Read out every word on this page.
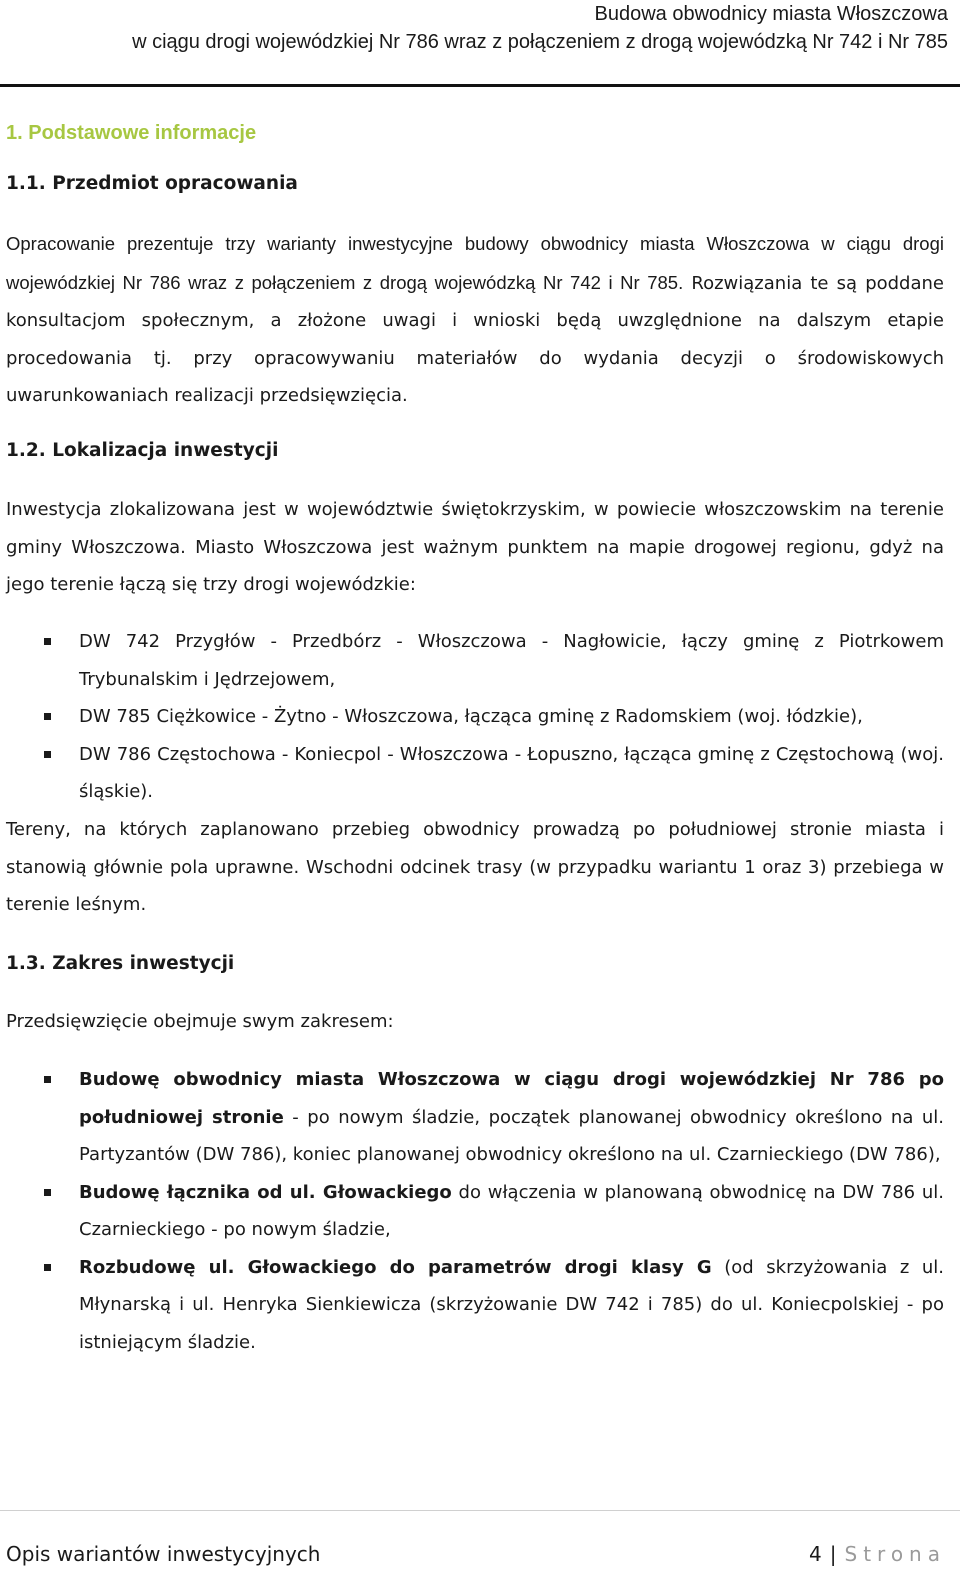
Budowa obwodnicy miasta Włoszczowa
w ciągu drogi wojewódzkiej Nr 786 wraz z połączeniem z drogą wojewódzką Nr 742 i Nr 785
1. Podstawowe informacje
1.1. Przedmiot opracowania
Opracowanie prezentuje trzy warianty inwestycyjne budowy obwodnicy miasta Włoszczowa w ciągu drogi wojewódzkiej Nr 786 wraz z połączeniem z drogą wojewódzką Nr 742 i Nr 785. Rozwiązania te są poddane konsultacjom społecznym, a złożone uwagi i wnioski będą uwzględnione na dalszym etapie procedowania tj. przy opracowywaniu materiałów do wydania decyzji o środowiskowych uwarunkowaniach realizacji przedsięwzięcia.
1.2. Lokalizacja inwestycji
Inwestycja zlokalizowana jest w województwie świętokrzyskim, w powiecie włoszczowskim na terenie gminy Włoszczowa. Miasto Włoszczowa jest ważnym punktem na mapie drogowej regionu, gdyż na jego terenie łączą się trzy drogi wojewódzkie:
DW 742 Przygłów - Przedbórz - Włoszczowa - Nagłowicie, łączy gminę z Piotrkowem Trybunalskim i Jędrzejowem,
DW 785 Ciężkowice - Żytno - Włoszczowa, łącząca gminę z Radomskiem (woj. łódzkie),
DW 786 Częstochowa - Koniecpol - Włoszczowa - Łopuszno, łącząca gminę z Częstochową (woj. śląskie).
Tereny, na których zaplanowano przebieg obwodnicy prowadzą po południowej stronie miasta i stanowią głównie pola uprawne. Wschodni odcinek trasy (w przypadku wariantu 1 oraz 3) przebiega w terenie leśnym.
1.3. Zakres inwestycji
Przedsięwzięcie obejmuje swym zakresem:
Budowę obwodnicy miasta Włoszczowa w ciągu drogi wojewódzkiej Nr 786 po południowej stronie - po nowym śladzie, początek planowanej obwodnicy określono na ul. Partyzantów (DW 786), koniec planowanej obwodnicy określono na ul. Czarnieckiego (DW 786),
Budowę łącznika od ul. Głowackiego do włączenia w planowaną obwodnicę na DW 786 ul. Czarnieckiego - po nowym śladzie,
Rozbudowę ul. Głowackiego do parametrów drogi klasy G (od skrzyżowania z ul. Młynarską i ul. Henryka Sienkiewicza (skrzyżowanie DW 742 i 785) do ul. Koniecpolskiej - po istniejącym śladzie.
Opis wariantów inwestycyjnych	4 | Strona
